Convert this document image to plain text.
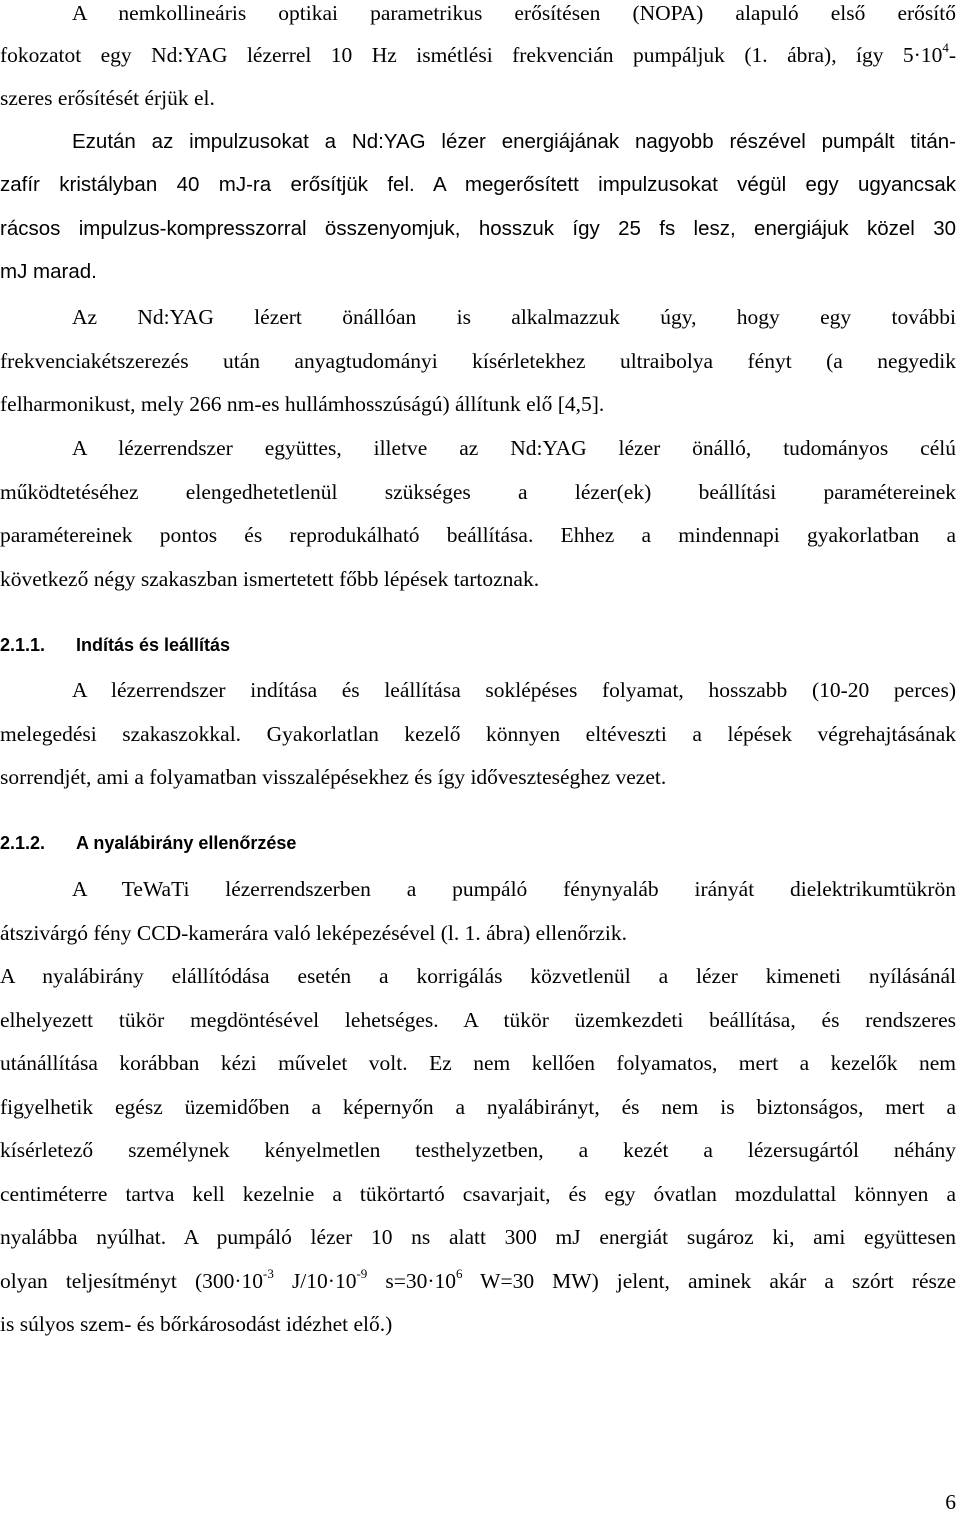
A nemkollineáris optikai parametrikus erősítésen (NOPA) alapuló első erősítő
fokozatot egy Nd:YAG lézerrel 10 Hz ismétlési frekvencián pumpáljuk (1. ábra), így $5\cdot 10^4-$
szeres erősítését érjük el.
Ezután az impulzusokat a Nd:YAG lézer energiájának nagyobb részével pumpált titán-
zafír kristályban 40 mJ-ra erősítjük fel. A megerősített impulzusokat végül egy ugyancsak
rácsos impulzus-kompresszorral összenyomjuk, hosszuk így 25 fs lesz, energiájuk közel 30
mJ marad.
Az Nd:YAG lézert önállóan is alkalmazzuk úgy, hogy egy további
frekvenciakétszerezés után anyagtudományi kísérletekhez ultraibolya fényt (a negyedik
felharmonikust, mely 266 nm-es hullámhosszúságú) állítunk elő [4,5].
A lézerrendszer együttes, illetve az Nd:YAG lézer önálló, tudományos célú
működtetéséhez elengedhetetlenül szükséges a lézer(ek) beállítási paramétereinek
paramétereinek pontos és reprodukálható beállítása. Ehhez a mindennapi gyakorlatban a
következő négy szakaszban ismertetett főbb lépések tartoznak.
2.1.1. Indítás és leállítás
A lézerrendszer indítása és leállítása soklépéses folyamat, hosszabb (10-20 perces)
melegedési szakaszokkal. Gyakorlatlan kezelő könnyen eltéveszti a lépések végrehajtásának
sorrendjét, ami a folyamatban visszalépésekhez és így időveszteséghez vezet.
2.1.2. A nyalábirány ellenőrzése
A TeWaTi lézerrendszerben a pumpáló fénynyaláb irányát dielektrikumtükrön
átszivárgó fény CCD-kamerára való leképezésével (l. 1. ábra) ellenőrzik.
A nyalábirány elállítódása esetén a korrigálás közvetlenül a lézer kimeneti nyílásánál
elhelyezett tükör megdöntésével lehetséges. A tükör üzemkezdeti beállítása, és rendszeres
utánállítása korábban kézi művelet volt. Ez nem kellően folyamatos, mert a kezelők nem
figyelhetik egész üzemidőben a képernyőn a nyalábirányt, és nem is biztonságos, mert a
kísérletező személynek kényelmetlen testhelyzetben, a kezét a lézersugártól néhány
centiméterre tartva kell kezelnie a tükörtartó csavarjait, és egy óvatlan mozdulattal könnyen a
nyalábba nyúlhat. A pumpáló lézer 10 ns alatt 300 mJ energiát sugároz ki, ami együttesen
olyan teljesítményt ($300\cdot 10^{-3}$ $J/10\cdot 10^{-9}$ $s=30\cdot 10^6$ W=30 MW) jelent, aminek akár a szórt része
is súlyos szem- és bőrkárosodást idézhet elő.)
6
